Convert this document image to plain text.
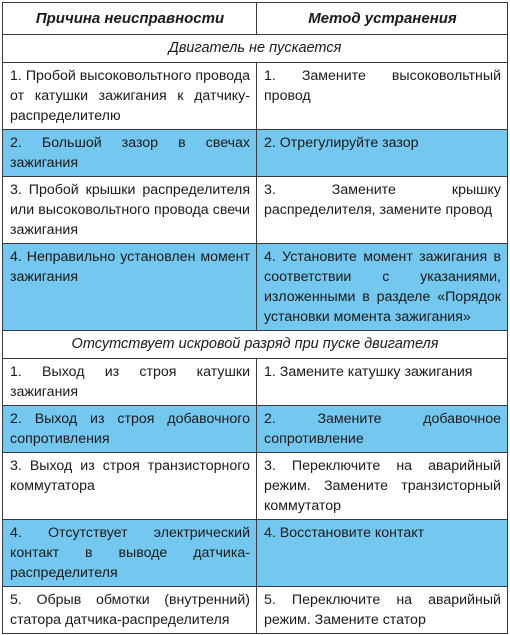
Причина неисправности	Метод устранения
Двигатель не пускается
1. Пробой высоковольтного провода от катушки зажигания к датчику-распределителю
1. Замените высоковольтный провод
2. Большой зазор в свечах зажигания
2. Отрегулируйте зазор
3. Пробой крышки распределителя или высоковольтного провода свечи зажигания
3. Замените крышку распределителя, замените провод
4. Неправильно установлен момент зажигания
4. Установите момент зажигания в соответствии с указаниями, изложенными в разделе «Порядок установки момента зажигания»
Отсутствует искровой разряд при пуске двигателя
1. Выход из строя катушки зажигания
1. Замените катушку зажигания
2. Выход из строя добавочного сопротивления
2. Замените добавочное сопротивление
3. Выход из строя транзисторного коммутатора
3. Переключите на аварийный режим. Замените транзисторный коммутатор
4. Отсутствует электрический контакт в выводе датчика-распределителя
4. Восстановите контакт
5. Обрыв обмотки (внутренний) статора датчика-распределителя
5. Переключите на аварийный режим. Замените статор
